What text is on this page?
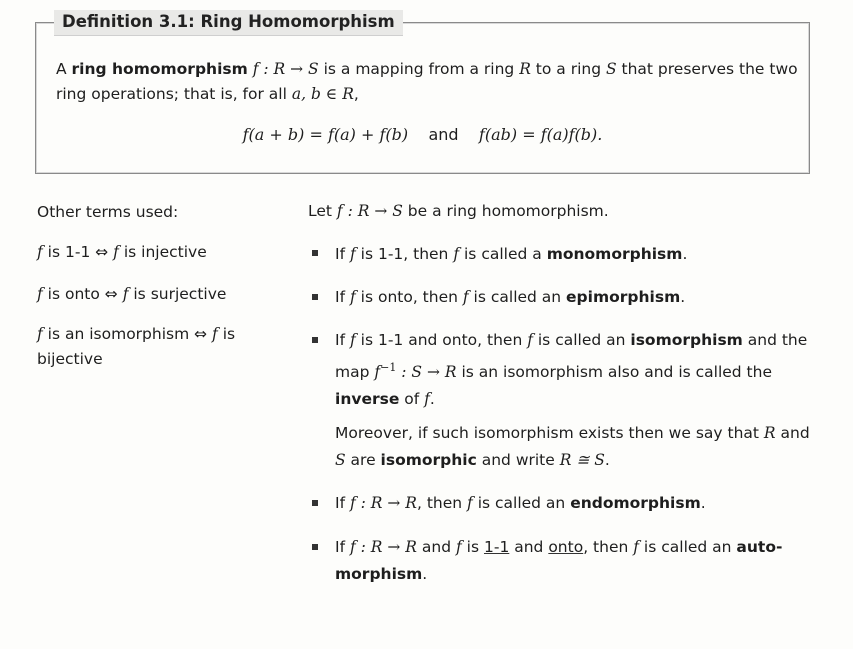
Definition 3.1: Ring Homomorphism
A ring homomorphism f : R → S is a mapping from a ring R to a ring S that preserves the two ring operations; that is, for all a, b ∈ R,
f(a + b) = f(a) + f(b) and f(ab) = f(a)f(b).
Other terms used:
f is 1-1 ⇔ f is injective
f is onto ⇔ f is surjective
f is an isomorphism ⇔ f is bijective
Let f : R → S be a ring homomorphism.
If f is 1-1, then f is called a monomorphism.
If f is onto, then f is called an epimorphism.
If f is 1-1 and onto, then f is called an isomorphism and the map $f^{-1}$ : S → R is an isomorphism also and is called the inverse of f.
Moreover, if such isomorphism exists then we say that R and S are isomorphic and write R ≅ S.
If f : R → R, then f is called an endomorphism.
If f : R → R and f is 1-1 and onto, then f is called an auto-morphism.
